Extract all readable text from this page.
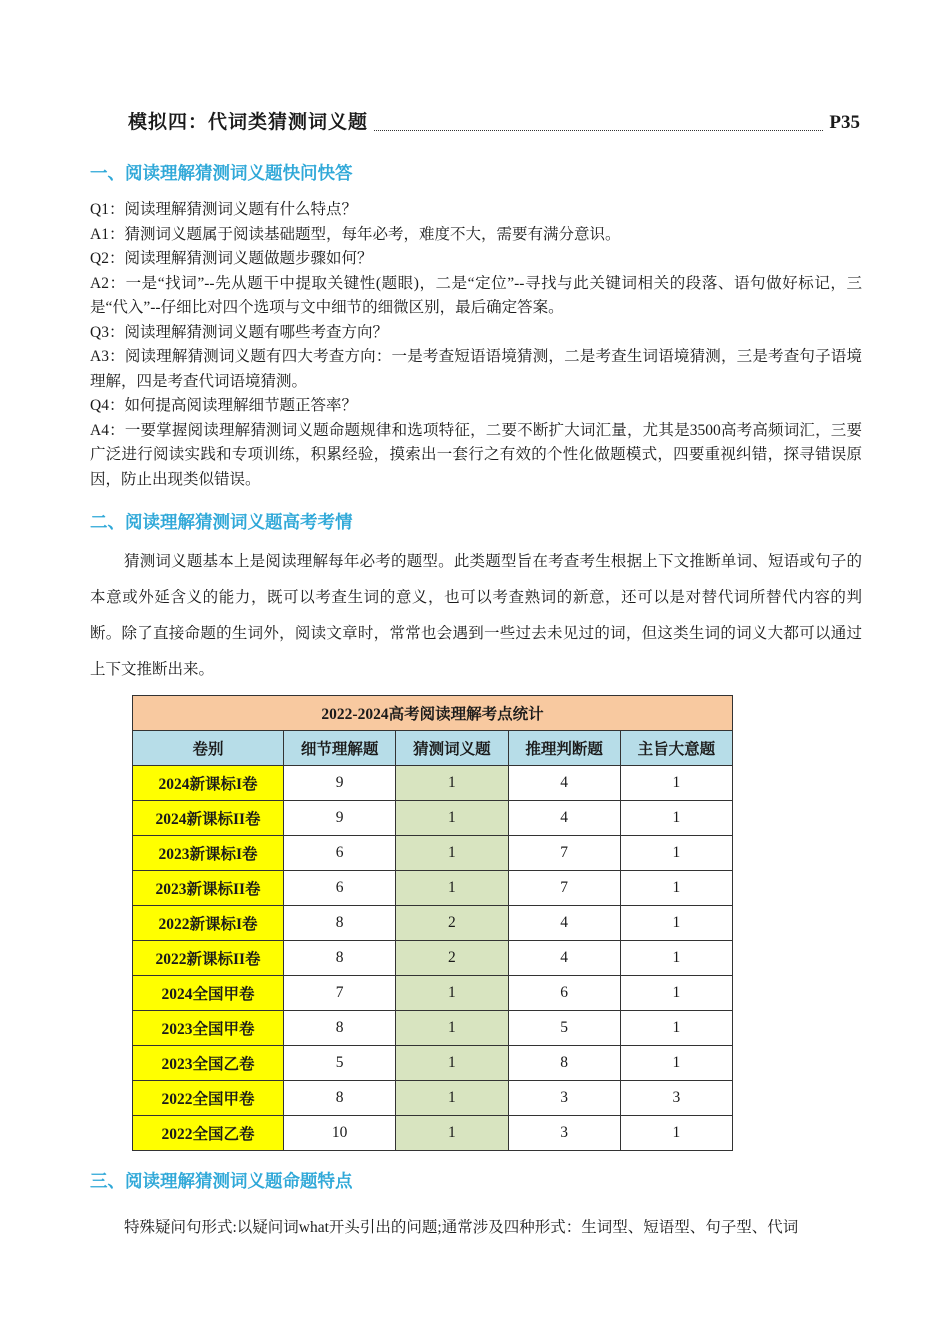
模拟四：代词类猜测词义题	P35
一、阅读理解猜测词义题快问快答

Q1：阅读理解猜测词义题有什么特点？

A1：猜测词义题属于阅读基础题型，每年必考，难度不大，需要有满分意识。

Q2：阅读理解猜测词义题做题步骤如何？

A2：一是“找词”--先从题干中提取关键性(题眼)，二是“定位”--寻找与此关键词相关的段落、语句做好标记，三是“代入”--仔细比对四个选项与文中细节的细微区别，最后确定答案。

Q3：阅读理解猜测词义题有哪些考查方向？

A3：阅读理解猜测词义题有四大考查方向：一是考查短语语境猜测，二是考查生词语境猜测，三是考查句子语境理解，四是考查代词语境猜测。

Q4：如何提高阅读理解细节题正答率？

A4：一要掌握阅读理解猜测词义题命题规律和选项特征，二要不断扩大词汇量，尤其是3500高考高频词汇，三要广泛进行阅读实践和专项训练，积累经验，摸索出一套行之有效的个性化做题模式，四要重视纠错，探寻错误原因，防止出现类似错误。

二、阅读理解猜测词义题高考考情

猜测词义题基本上是阅读理解每年必考的题型。此类题型旨在考查考生根据上下文推断单词、短语或句子的本意或外延含义的能力，既可以考查生词的意义，也可以考查熟词的新意，还可以是对替代词所替代内容的判断。除了直接命题的生词外，阅读文章时，常常也会遇到一些过去未见过的词，但这类生词的词义大都可以通过上下文推断出来。

2022-2024高考阅读理解考点统计				
卷别	细节理解题	猜测词义题	推理判断题	主旨大意题
2024新课标I卷	9	1	4	1
2024新课标II卷	9	1	4	1
2023新课标I卷	6	1	7	1
2023新课标II卷	6	1	7	1
2022新课标I卷	8	2	4	1
2022新课标II卷	8	2	4	1
2024全国甲卷	7	1	6	1
2023全国甲卷	8	1	5	1
2023全国乙卷	5	1	8	1
2022全国甲卷	8	1	3	3
2022全国乙卷	10	1	3	1
三、阅读理解猜测词义题命题特点

特殊疑问句形式:以疑问词what开头引出的问题;通常涉及四种形式：生词型、短语型、句子型、代词
